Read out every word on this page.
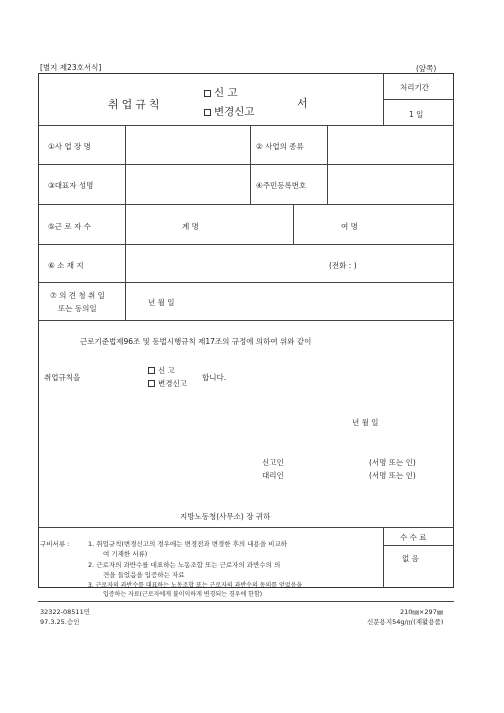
[별지 제23호서식]	(앞쪽)
취업규칙
신 고
변경신고
서
처리기간
1 일
①사 업 장 명	② 사업의 종류
③대표자 성명	④주민등록번호
⑤근 로 자 수	계 명	여 명
⑥ 소 재 지	(전화 : )
⑦ 의 견 청 취 일
또는 동의일
년 월 일
근로기준법제96조 및 동법시행규칙 제17조의 규정에 의하여 위와 같이
취업규칙을
신 고
변경신고
합니다.
년 월 일
신고인	(서명 또는 인)
대리인	(서명 또는 인)
지방노동청(사무소) 장 귀하
구비서류 :	1. 취업규칙(변경신고의 경우에는 변경전과 변경한 후의 내용을 비교하
여 기재한 서류)
2. 근로자의 과반수를 대표하는 노동조합 또는 근로자의 과반수의 의
견을 들었음을 입증하는 자료
3. 근로자의 과반수를 대표하는 노동조합 또는 근로자의 과반수의 동의를 얻었음을
입증하는 자료(근로자에게 불이익하게 변경되는 경우에 한함)
수 수 료
없 음
32322-08511민
97.3.25.승인
210㎜×297㎜
신문용지54g/㎡(재활용품)
